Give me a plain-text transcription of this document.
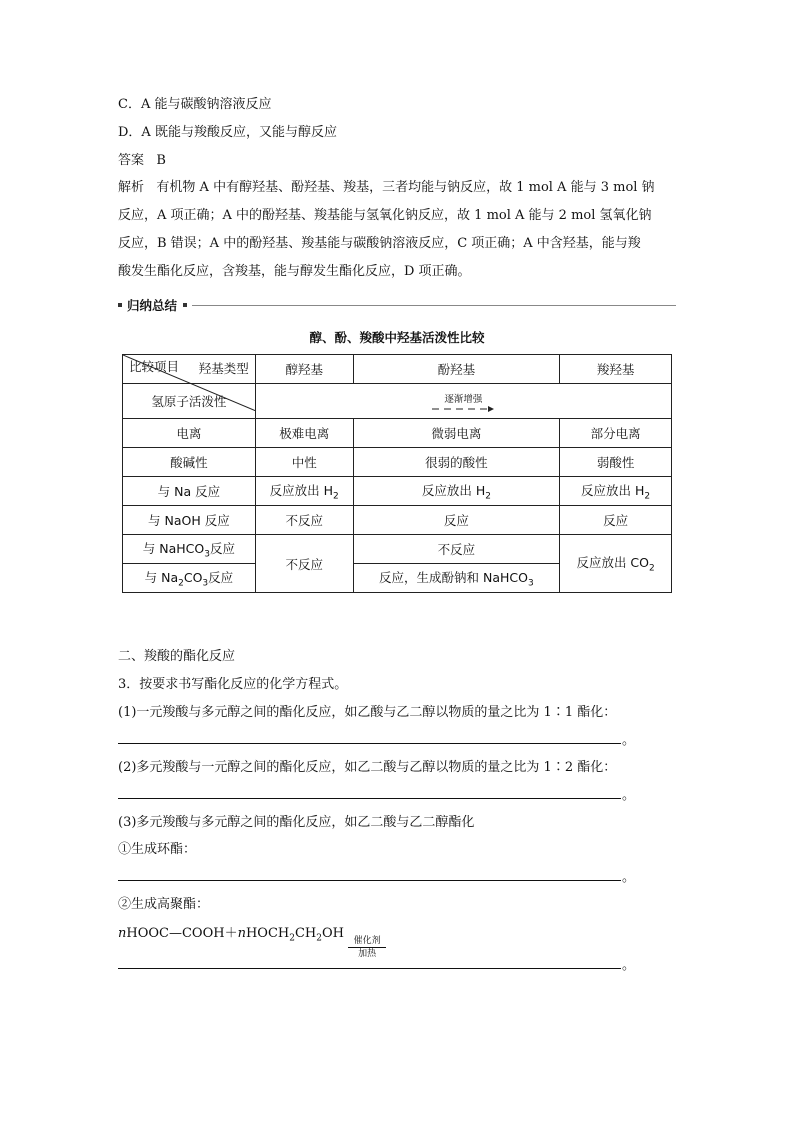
C．A 能与碳酸钠溶液反应
D．A 既能与羧酸反应，又能与醇反应
答案 B
解析 有机物 A 中有醇羟基、酚羟基、羧基，三者均能与钠反应，故 1 mol A 能与 3 mol 钠
反应，A 项正确；A 中的酚羟基、羧基能与氢氧化钠反应，故 1 mol A 能与 2 mol 氢氧化钠
反应，B 错误；A 中的酚羟基、羧基能与碳酸钠溶液反应，C 项正确；A 中含羟基，能与羧
酸发生酯化反应，含羧基，能与醇发生酯化反应，D 项正确。
归纳总结
醇、酚、羧酸中羟基活泼性比较
羟基类型
比较项目	醇羟基	酚羟基	羧羟基
氢原子活泼性	逐渐增强		

电离	极难电离	微弱电离	部分电离
酸碱性	中性	很弱的酸性	弱酸性
与 Na 反应	反应放出 $H_2$	反应放出 $H_2$	反应放出 $H_2$
与 NaOH 反应	不反应	反应	反应
与 NaHCO$_3$反应	不反应	不反应	反应放出 $CO_2$
与 $Na_2CO_3$反应		反应，生成酚钠和 NaHCO$_3$
二、羧酸的酯化反应
3．按要求书写酯化反应的化学方程式。
(1)一元羧酸与多元醇之间的酯化反应，如乙酸与乙二醇以物质的量之比为 1∶1 酯化：
。
(2)多元羧酸与一元醇之间的酯化反应，如乙二酸与乙醇以物质的量之比为 1∶2 酯化：
。
(3)多元羧酸与多元醇之间的酯化反应，如乙二酸与乙二醇酯化
①生成环酯：
。
②生成高聚酯：
$nHOOC—COOH+nHOCH_2CH_2OH$ 催化剂
加热
。
